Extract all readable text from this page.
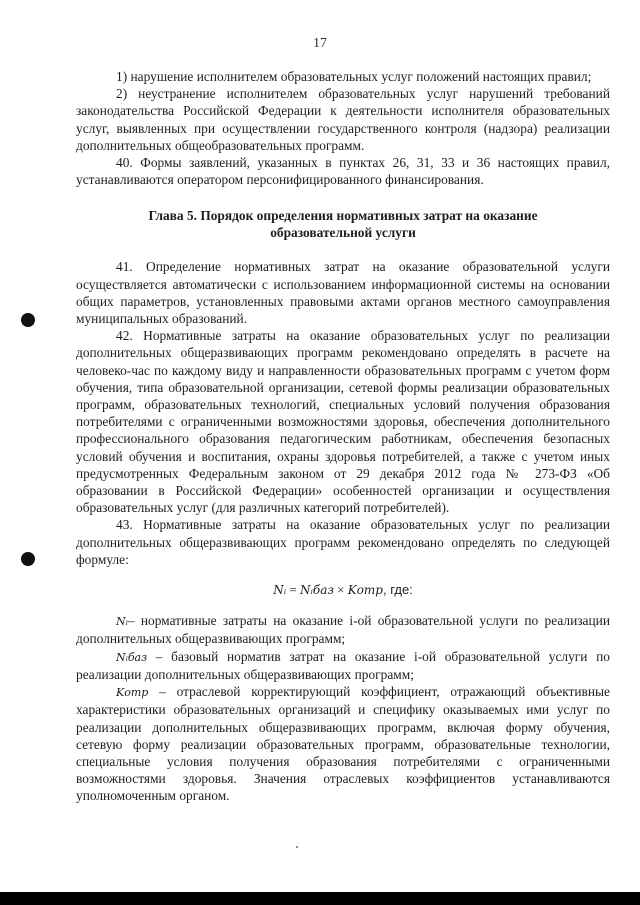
17

1) нарушение исполнителем образовательных услуг положений настоящих правил;

2) неустранение исполнителем образовательных услуг нарушений требований законодательства Российской Федерации к деятельности исполнителя образовательных услуг, выявленных при осуществлении государственного контроля (надзора) реализации дополнительных общеобразовательных программ.

40. Формы заявлений, указанных в пунктах 26, 31, 33 и 36 настоящих правил, устанавливаются оператором персонифицированного финансирования.

Глава 5. Порядок определения нормативных затрат на оказание
образовательной услуги

41. Определение нормативных затрат на оказание образовательной услуги осуществляется автоматически с использованием информационной системы на основании общих параметров, установленных правовыми актами органов местного самоуправления муниципальных образований.

42. Нормативные затраты на оказание образовательных услуг по реализации дополнительных общеразвивающих программ рекомендовано определять в расчете на человеко-час по каждому виду и направленности образовательных программ с учетом форм обучения, типа образовательной организации, сетевой формы реализации образовательных программ, образовательных технологий, специальных условий получения образования потребителями с ограниченными возможностями здоровья, обеспечения дополнительного профессионального образования педагогическим работникам, обеспечения безопасных условий обучения и воспитания, охраны здоровья потребителей, а также с учетом иных предусмотренных Федеральным законом от 29 декабря 2012 года № 273-ФЗ «Об образовании в Российской Федерации» особенностей организации и осуществления образовательных услуг (для различных категорий потребителей).

43. Нормативные затраты на оказание образовательных услуг по реализации дополнительных общеразвивающих программ рекомендовано определять по следующей формуле:

Nᵢ = Nᵢбаз × Kотр, где:

Nᵢ– нормативные затраты на оказание i-ой образовательной услуги по реализации дополнительных общеразвивающих программ;

Nᵢбаз – базовый норматив затрат на оказание i-ой образовательной услуги по реализации дополнительных общеразвивающих программ;

Kотр – отраслевой корректирующий коэффициент, отражающий объективные характеристики образовательных организаций и специфику оказываемых ими услуг по реализации дополнительных общеразвивающих программ, включая форму обучения, сетевую форму реализации образовательных программ, образовательные технологии, специальные условия получения образования потребителями с ограниченными возможностями здоровья. Значения отраслевых коэффициентов устанавливаются уполномоченным органом.
